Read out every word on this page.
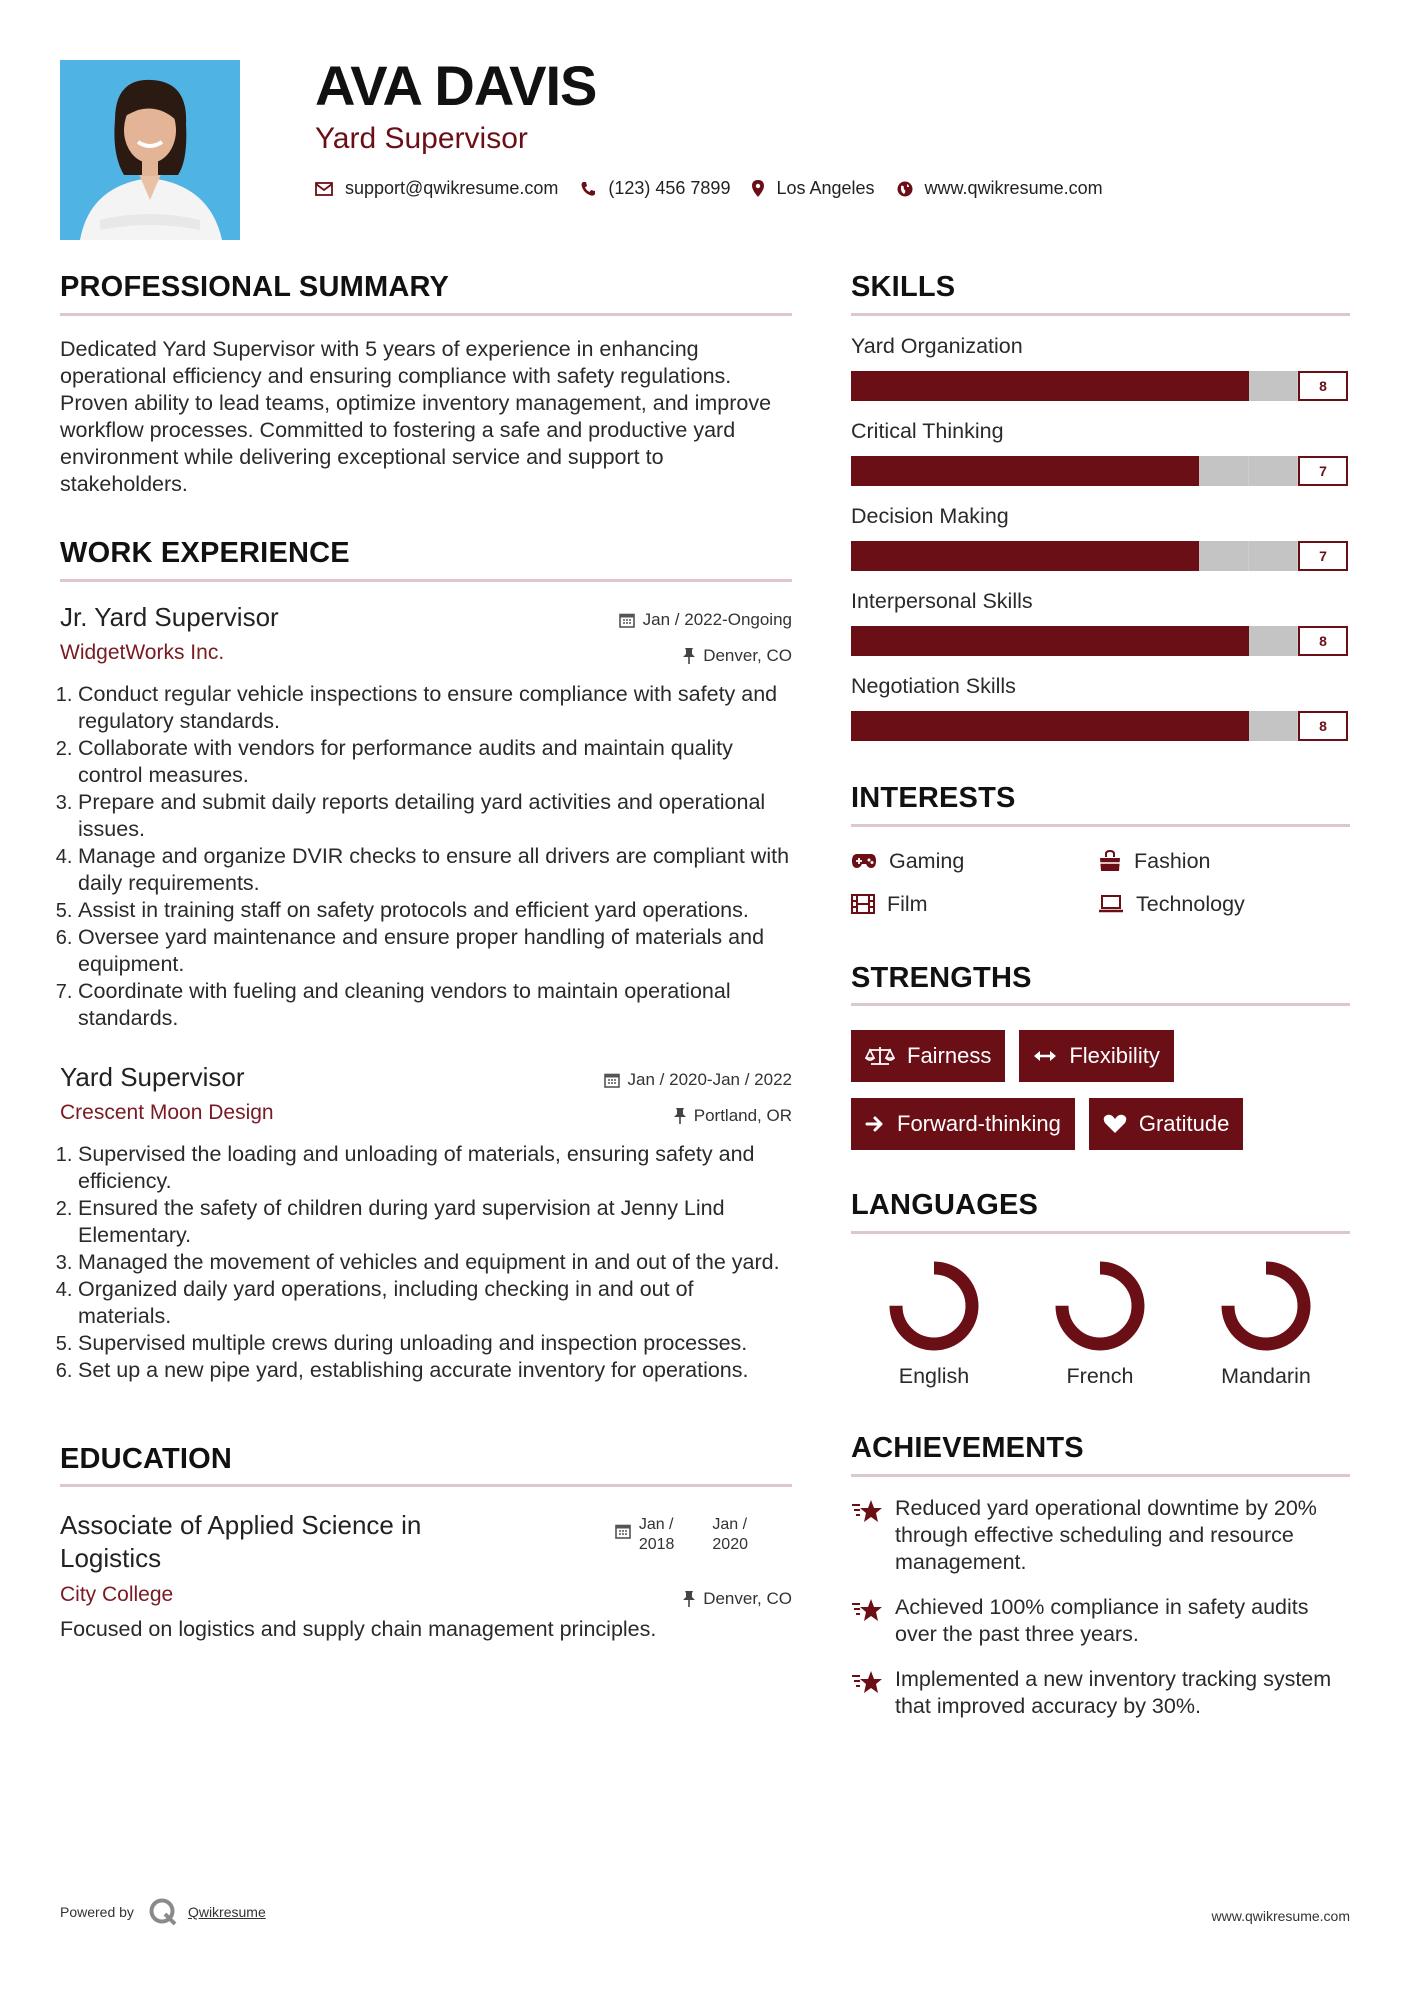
AVA DAVIS
Yard Supervisor
support@qwikresume.com	(123) 456 7899	Los Angeles	www.qwikresume.com
PROFESSIONAL SUMMARY
Dedicated Yard Supervisor with 5 years of experience in enhancing operational efficiency and ensuring compliance with safety regulations. Proven ability to lead teams, optimize inventory management, and improve workflow processes. Committed to fostering a safe and productive yard environment while delivering exceptional service and support to stakeholders.
WORK EXPERIENCE
Jr. Yard Supervisor	Jan / 2022-Ongoing
WidgetWorks Inc.	Denver, CO
1. Conduct regular vehicle inspections to ensure compliance with safety and regulatory standards.
2. Collaborate with vendors for performance audits and maintain quality control measures.
3. Prepare and submit daily reports detailing yard activities and operational issues.
4. Manage and organize DVIR checks to ensure all drivers are compliant with daily requirements.
5. Assist in training staff on safety protocols and efficient yard operations.
6. Oversee yard maintenance and ensure proper handling of materials and equipment.
7. Coordinate with fueling and cleaning vendors to maintain operational standards.
Yard Supervisor	Jan / 2020-Jan / 2022
Crescent Moon Design	Portland, OR
1. Supervised the loading and unloading of materials, ensuring safety and efficiency.
2. Ensured the safety of children during yard supervision at Jenny Lind Elementary.
3. Managed the movement of vehicles and equipment in and out of the yard.
4. Organized daily yard operations, including checking in and out of materials.
5. Supervised multiple crews during unloading and inspection processes.
6. Set up a new pipe yard, establishing accurate inventory for operations.
EDUCATION
Associate of Applied Science in Logistics
Jan /
2018
Jan /
2020
City College	Denver, CO
Focused on logistics and supply chain management principles.
SKILLS
Yard Organization
8
Critical Thinking
7
Decision Making
7
Interpersonal Skills
8
Negotiation Skills
8
INTERESTS
Gaming	Fashion
Film	Technology
STRENGTHS
Fairness	Flexibility
Forward-thinking	Gratitude
LANGUAGES
English	French	Mandarin
ACHIEVEMENTS
Reduced yard operational downtime by 20% through effective scheduling and resource management.
Achieved 100% compliance in safety audits over the past three years.
Implemented a new inventory tracking system that improved accuracy by 30%.
Powered by	Qwikresume	www.qwikresume.com
